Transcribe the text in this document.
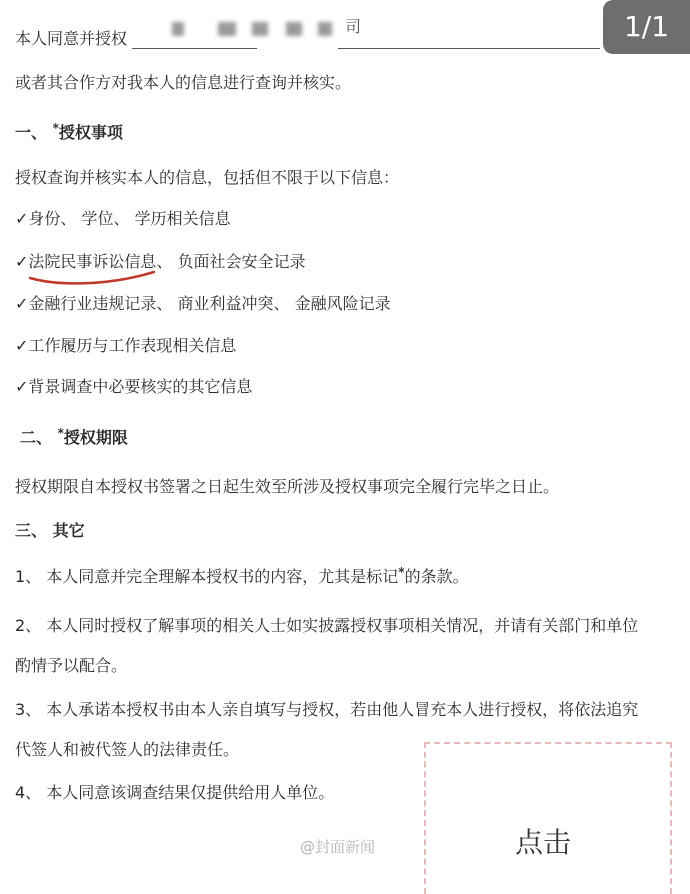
本人同意并授权
司	1/1
或者其合作方对我本人的信息进行查询并核实。
一、 *授权事项
授权查询并核实本人的信息，包括但不限于以下信息：
✓身份、 学位、 学历相关信息
✓法院民事诉讼信息、 负面社会安全记录
✓金融行业违规记录、 商业利益冲突、 金融风险记录
✓工作履历与工作表现相关信息
✓背景调查中必要核实的其它信息
二、 *授权期限
授权期限自本授权书签署之日起生效至所涉及授权事项完全履行完毕之日止。
三、 其它
1、 本人同意并完全理解本授权书的内容，尤其是标记*的条款。
2、 本人同时授权了解事项的相关人士如实披露授权事项相关情况，并请有关部门和单位
酌情予以配合。
3、 本人承诺本授权书由本人亲自填写与授权，若由他人冒充本人进行授权，将依法追究
代签人和被代签人的法律责任。
4、 本人同意该调查结果仅提供给用人单位。
点击
@封面新闻
